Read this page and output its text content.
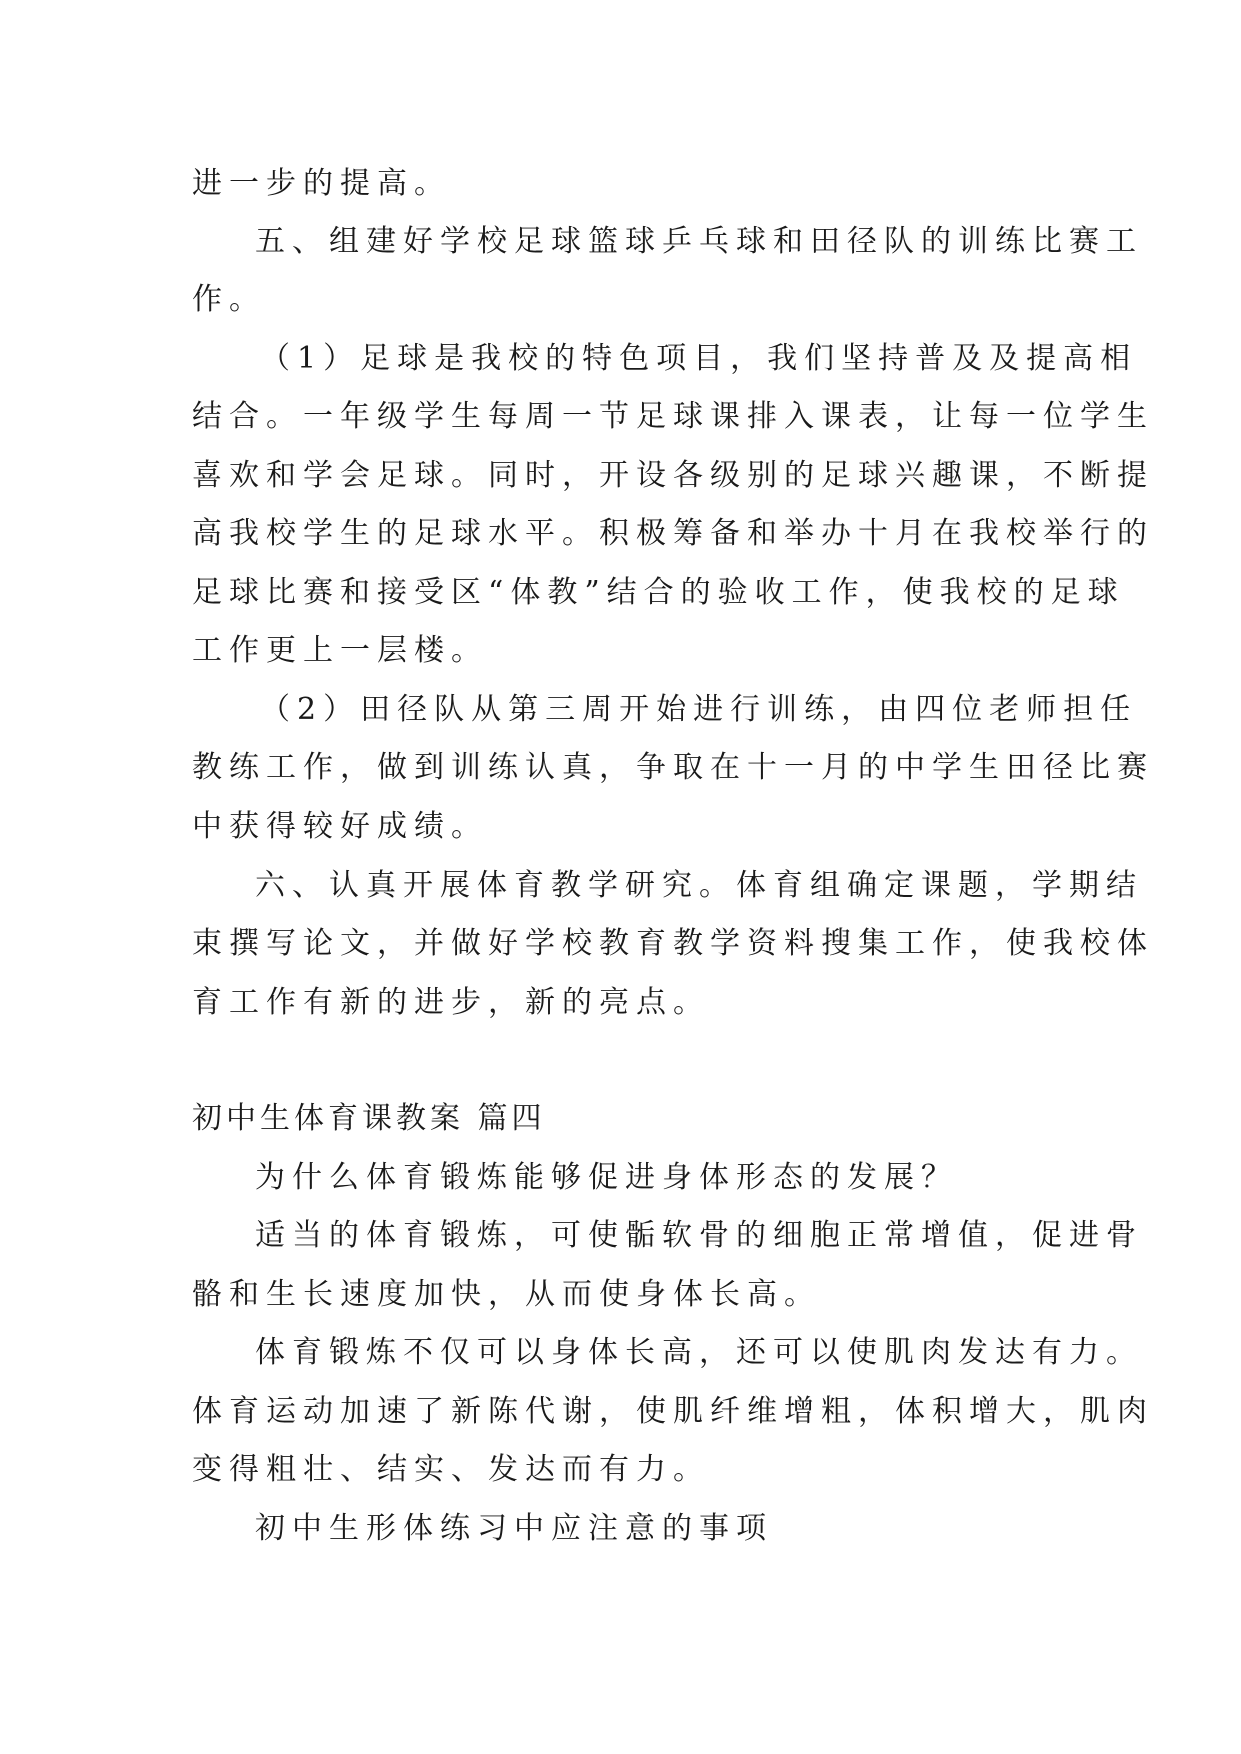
进一步的提高。

五、组建好学校足球篮球乒乓球和田径队的训练比赛工

作。

（1）足球是我校的特色项目，我们坚持普及及提高相

结合。一年级学生每周一节足球课排入课表，让每一位学生

喜欢和学会足球。同时，开设各级别的足球兴趣课，不断提

高我校学生的足球水平。积极筹备和举办十月在我校举行的

足球比赛和接受区“体教”结合的验收工作，使我校的足球

工作更上一层楼。

（2）田径队从第三周开始进行训练，由四位老师担任

教练工作，做到训练认真，争取在十一月的中学生田径比赛

中获得较好成绩。

六、认真开展体育教学研究。体育组确定课题，学期结

束撰写论文，并做好学校教育教学资料搜集工作，使我校体

育工作有新的进步，新的亮点。

初中生体育课教案 篇四

为什么体育锻炼能够促进身体形态的发展？

适当的体育锻炼，可使骺软骨的细胞正常增值，促进骨

骼和生长速度加快，从而使身体长高。

体育锻炼不仅可以身体长高，还可以使肌肉发达有力。

体育运动加速了新陈代谢，使肌纤维增粗，体积增大，肌肉

变得粗壮、结实、发达而有力。

初中生形体练习中应注意的事项
